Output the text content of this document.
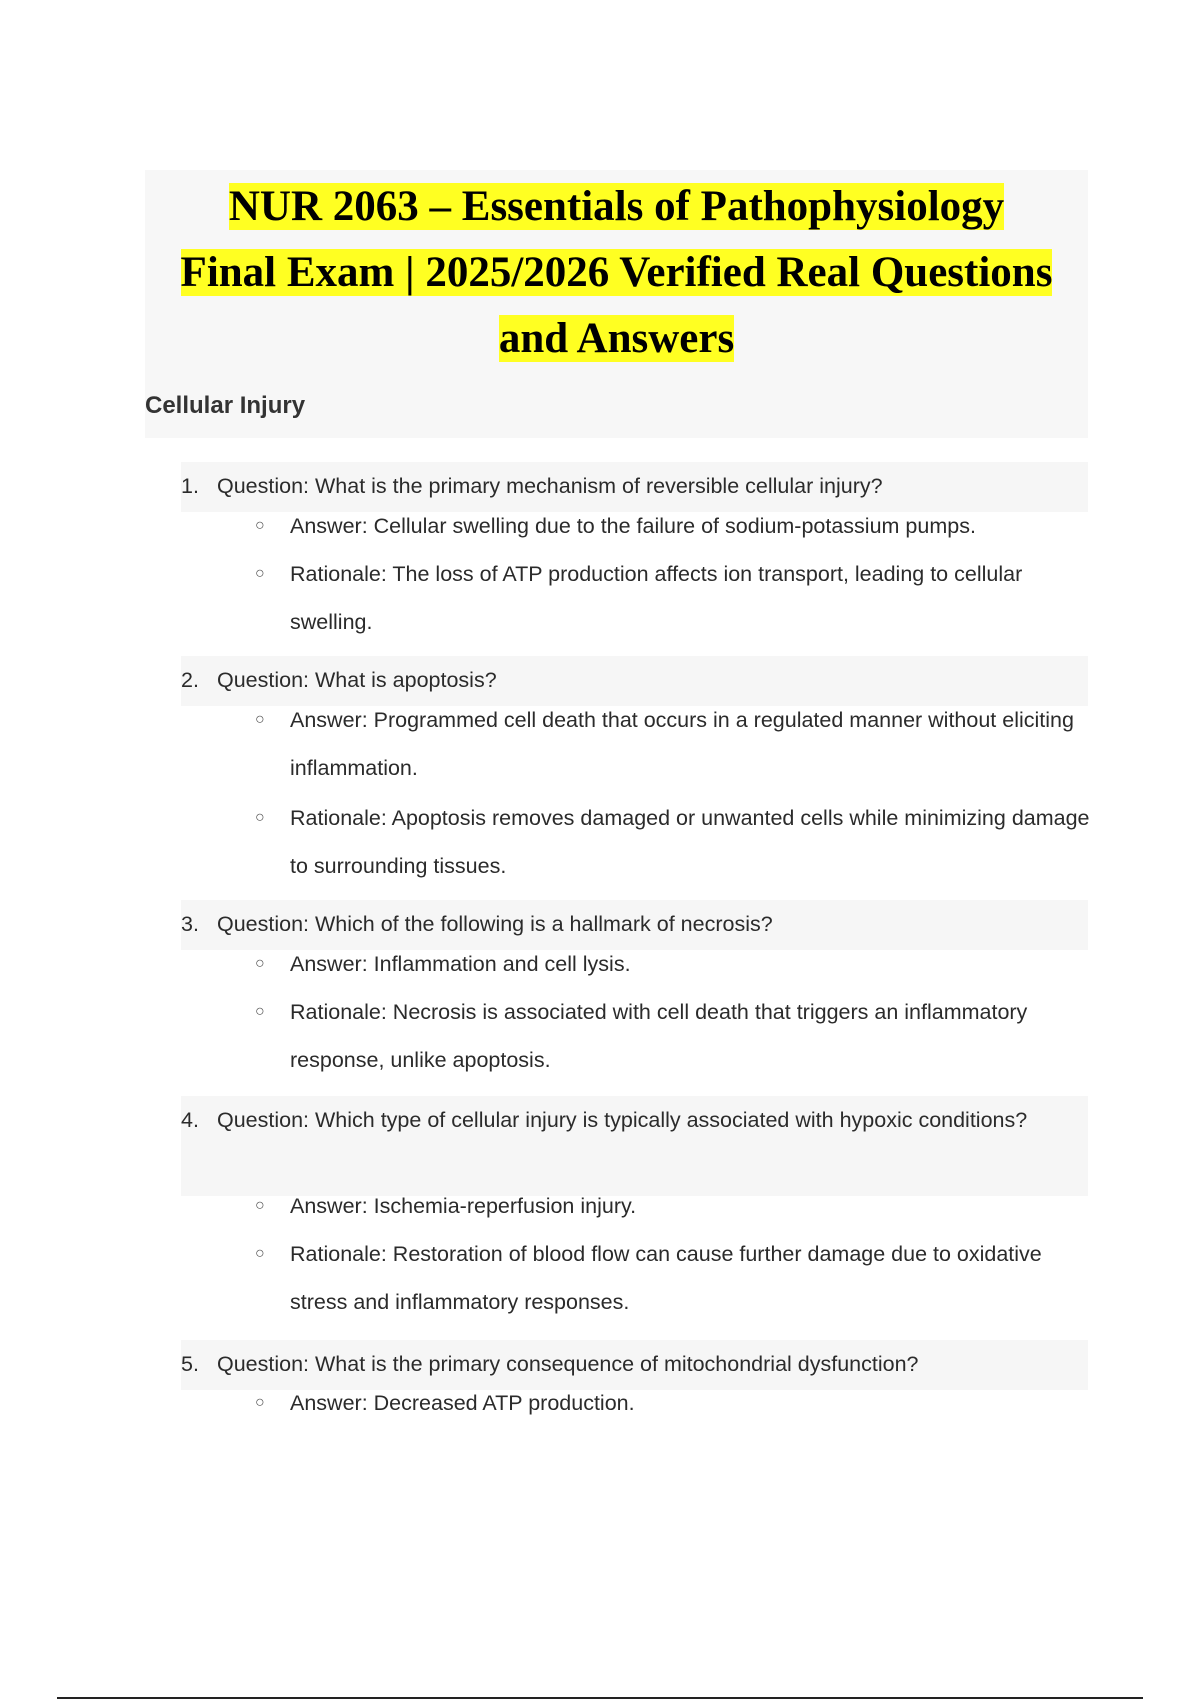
NUR 2063 – Essentials of Pathophysiology
Final Exam | 2025/2026 Verified Real Questions
and Answers
Cellular Injury
1. Question: What is the primary mechanism of reversible cellular injury?
○ Answer: Cellular swelling due to the failure of sodium-potassium pumps.
○ Rationale: The loss of ATP production affects ion transport, leading to cellular swelling.
2. Question: What is apoptosis?
○ Answer: Programmed cell death that occurs in a regulated manner without eliciting inflammation.
○ Rationale: Apoptosis removes damaged or unwanted cells while minimizing damage to surrounding tissues.
3. Question: Which of the following is a hallmark of necrosis?
○ Answer: Inflammation and cell lysis.
○ Rationale: Necrosis is associated with cell death that triggers an inflammatory response, unlike apoptosis.
4. Question: Which type of cellular injury is typically associated with hypoxic conditions?
○ Answer: Ischemia-reperfusion injury.
○ Rationale: Restoration of blood flow can cause further damage due to oxidative stress and inflammatory responses.
5. Question: What is the primary consequence of mitochondrial dysfunction?
○ Answer: Decreased ATP production.
